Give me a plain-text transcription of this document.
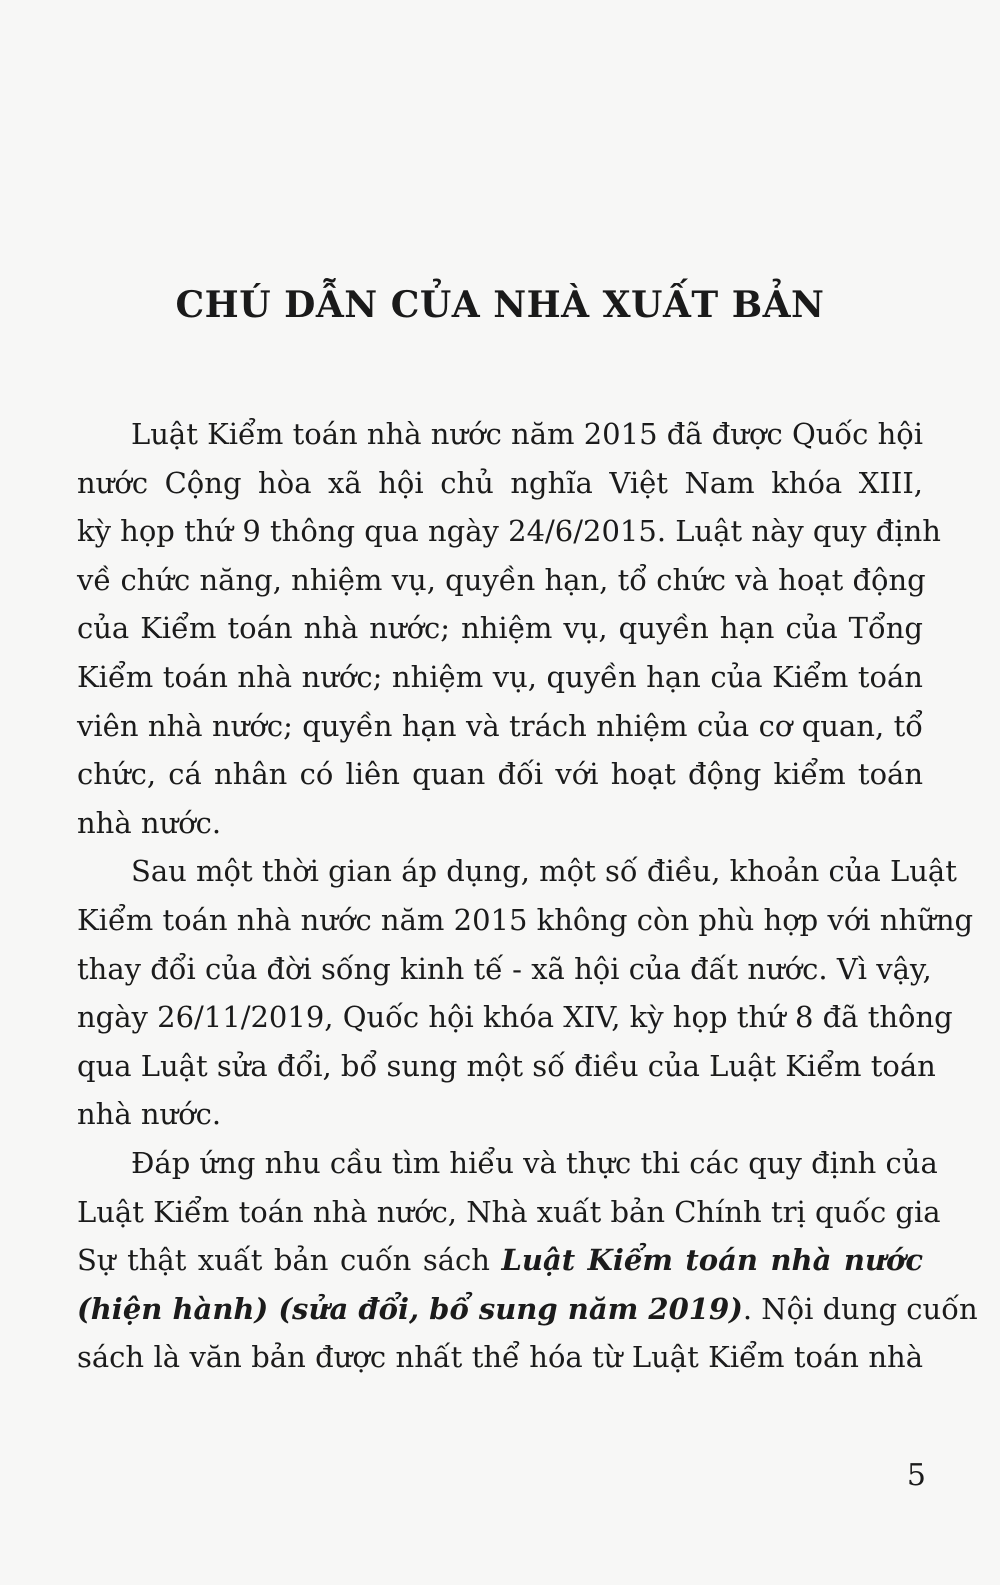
CHÚ DẪN CỦA NHÀ XUẤT BẢN
Luật Kiểm toán nhà nước năm 2015 đã được Quốc hội
nước Cộng hòa xã hội chủ nghĩa Việt Nam khóa XIII,
kỳ họp thứ 9 thông qua ngày 24/6/2015. Luật này quy định
về chức năng, nhiệm vụ, quyền hạn, tổ chức và hoạt động
của Kiểm toán nhà nước; nhiệm vụ, quyền hạn của Tổng
Kiểm toán nhà nước; nhiệm vụ, quyền hạn của Kiểm toán
viên nhà nước; quyền hạn và trách nhiệm của cơ quan, tổ
chức, cá nhân có liên quan đối với hoạt động kiểm toán
nhà nước.
Sau một thời gian áp dụng, một số điều, khoản của Luật
Kiểm toán nhà nước năm 2015 không còn phù hợp với những
thay đổi của đời sống kinh tế - xã hội của đất nước. Vì vậy,
ngày 26/11/2019, Quốc hội khóa XIV, kỳ họp thứ 8 đã thông
qua Luật sửa đổi, bổ sung một số điều của Luật Kiểm toán
nhà nước.
Đáp ứng nhu cầu tìm hiểu và thực thi các quy định của
Luật Kiểm toán nhà nước, Nhà xuất bản Chính trị quốc gia
Sự thật xuất bản cuốn sách Luật Kiểm toán nhà nước
(hiện hành) (sửa đổi, bổ sung năm 2019). Nội dung cuốn
sách là văn bản được nhất thể hóa từ Luật Kiểm toán nhà
5
